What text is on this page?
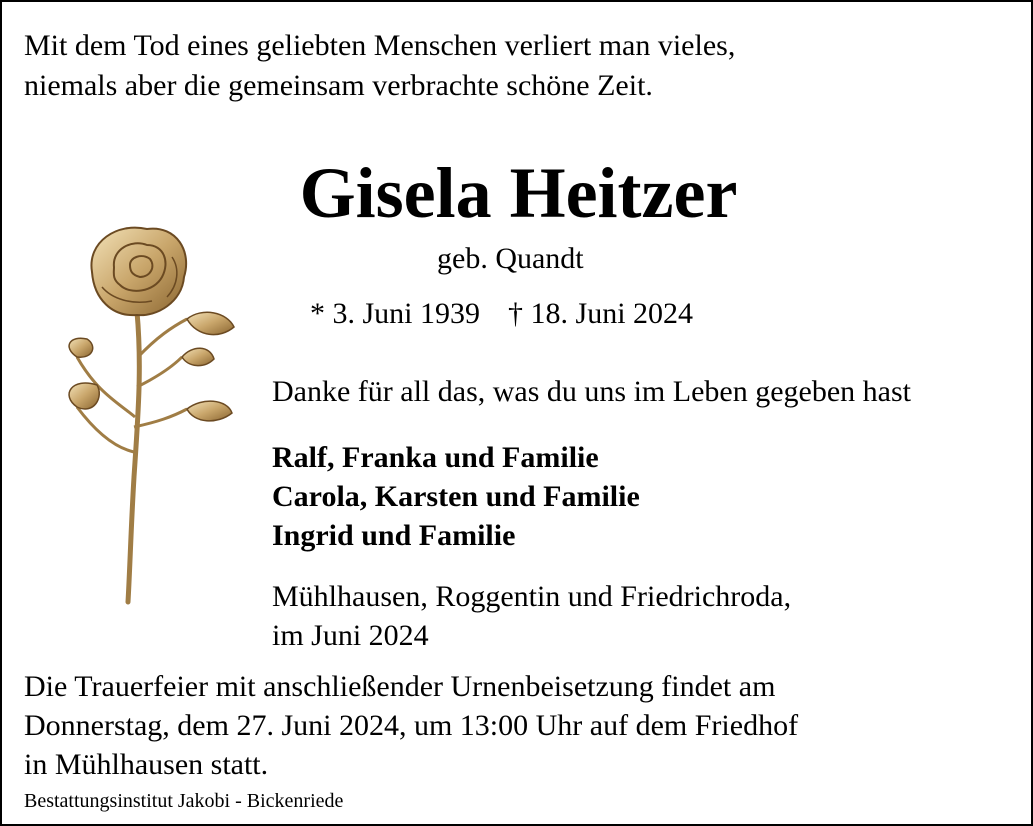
Mit dem Tod eines geliebten Menschen verliert man vieles,
niemals aber die gemeinsam verbrachte schöne Zeit.
Gisela Heitzer
geb. Quandt
* 3. Juni 1939 † 18. Juni 2024
Danke für all das, was du uns im Leben gegeben hast
Ralf, Franka und Familie
Carola, Karsten und Familie
Ingrid und Familie
Mühlhausen, Roggentin und Friedrichroda,
im Juni 2024
Die Trauerfeier mit anschließender Urnenbeisetzung findet am
Donnerstag, dem 27. Juni 2024, um 13:00 Uhr auf dem Friedhof
in Mühlhausen statt.
Bestattungsinstitut Jakobi - Bickenriede
